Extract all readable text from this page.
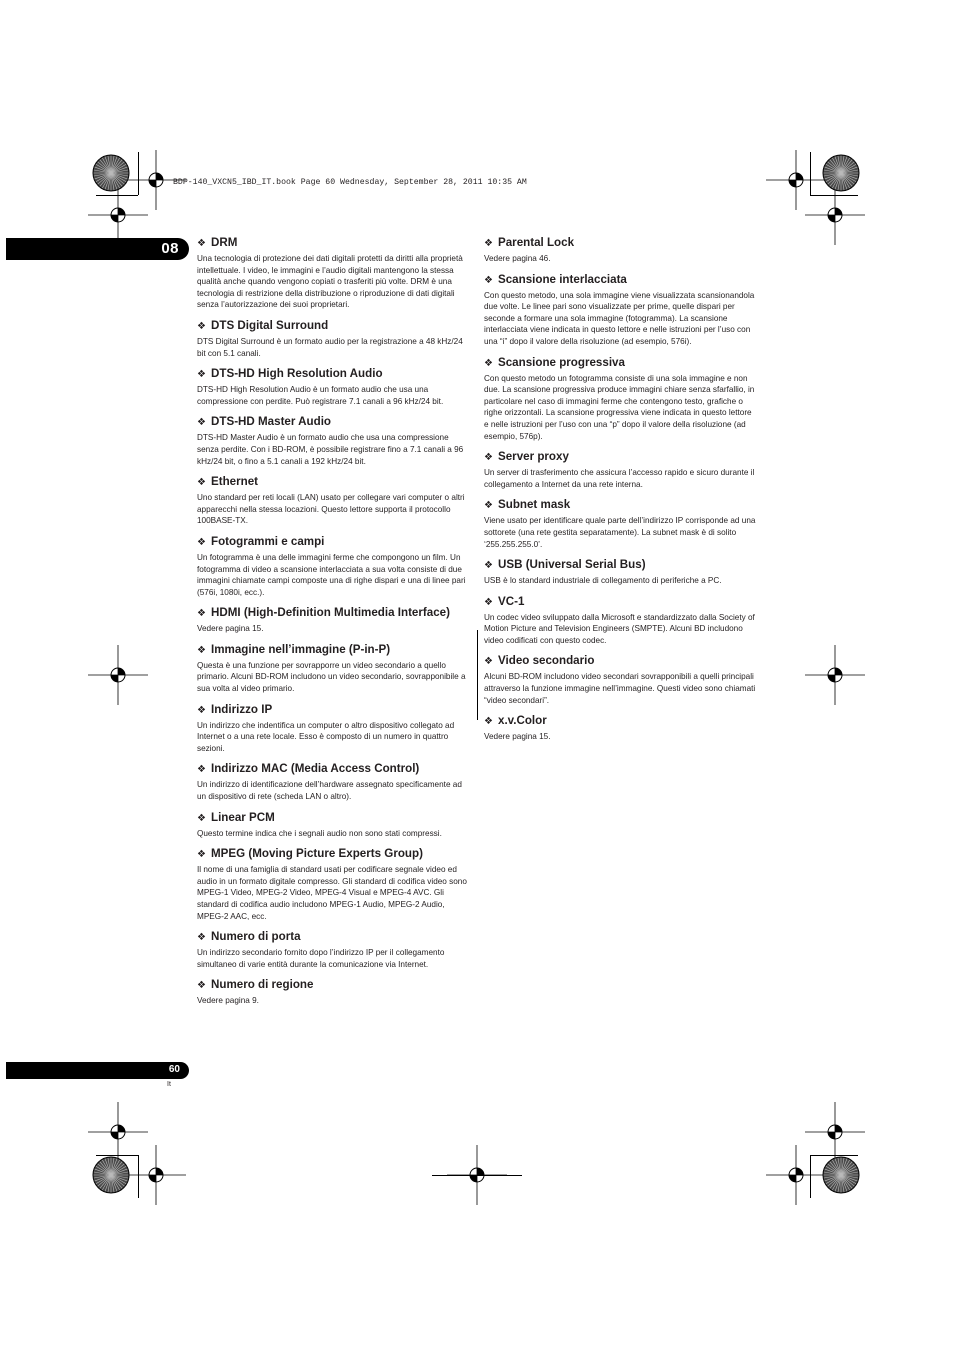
BDP-140_VXCN5_IBD_IT.book Page 60 Wednesday, September 28, 2011 10:35 AM
08 ❖ DRM

Una tecnologia di protezione dei dati digitali protetti da diritti alla proprietà intellettuale. I video, le immagini e l’audio digitali mantengono la stessa qualità anche quando vengono copiati o trasferiti più volte. DRM è una tecnologia di restrizione della distribuzione o riproduzione di dati digitali senza l’autorizzazione dei suoi proprietari.

❖ DTS Digital Surround

DTS Digital Surround è un formato audio per la registrazione a 48 kHz/24 bit con 5.1 canali.

❖ DTS-HD High Resolution Audio

DTS-HD High Resolution Audio è un formato audio che usa una compressione con perdite. Può registrare 7.1 canali a 96 kHz/24 bit.

❖ DTS-HD Master Audio

DTS-HD Master Audio è un formato audio che usa una compressione senza perdite. Con i BD-ROM, è possibile registrare fino a 7.1 canali a 96 kHz/24 bit, o fino a 5.1 canali a 192 kHz/24 bit.

❖ Ethernet

Uno standard per reti locali (LAN) usato per collegare vari computer o altri apparecchi nella stessa locazioni. Questo lettore supporta il protocollo 100BASE-TX.

❖ Fotogrammi e campi

Un fotogramma è una delle immagini ferme che compongono un film. Un fotogramma di video a scansione interlacciata a sua volta consiste di due immagini chiamate campi composte una di righe dispari e una di linee pari (576i, 1080i, ecc.).

❖ HDMI (High-Definition Multimedia Interface)

Vedere pagina 15.

❖ Immagine nell’immagine (P-in-P)

Questa è una funzione per sovrapporre un video secondario a quello primario. Alcuni BD-ROM includono un video secondario, sovrapponibile a sua volta al video primario.

❖ Indirizzo IP

Un indirizzo che indentifica un computer o altro dispositivo collegato ad Internet o a una rete locale. Esso è composto di un numero in quattro sezioni.

❖ Indirizzo MAC (Media Access Control)

Un indirizzo di identificazione dell’hardware assegnato specificamente ad un dispositivo di rete (scheda LAN o altro).

❖ Linear PCM

Questo termine indica che i segnali audio non sono stati compressi.

❖ MPEG (Moving Picture Experts Group)

Il nome di una famiglia di standard usati per codificare segnale video ed audio in un formato digitale compresso. Gli standard di codifica video sono MPEG-1 Video, MPEG-2 Video, MPEG-4 Visual e MPEG-4 AVC. Gli standard di codifica audio includono MPEG-1 Audio, MPEG-2 Audio, MPEG-2 AAC, ecc.

❖ Numero di porta

Un indirizzo secondario fornito dopo l’indirizzo IP per il collegamento simultaneo di varie entità durante la comunicazione via Internet.

❖ Numero di regione

Vedere pagina 9.

❖ Parental Lock

Vedere pagina 46.

❖ Scansione interlacciata

Con questo metodo, una sola immagine viene visualizzata scansionandola due volte. Le linee pari sono visualizzate per prime, quelle dispari per seconde a formare una sola immagine (fotogramma). La scansione interlacciata viene indicata in questo lettore e nelle istruzioni per l’uso con una “i” dopo il valore della risoluzione (ad esempio, 576i).

❖ Scansione progressiva

Con questo metodo un fotogramma consiste di una sola immagine e non due. La scansione progressiva produce immagini chiare senza sfarfallio, in particolare nel caso di immagini ferme che contengono testo, grafiche o righe orizzontali. La scansione progressiva viene indicata in questo lettore e nelle istruzioni per l’uso con una “p” dopo il valore della risoluzione (ad esempio, 576p).

❖ Server proxy

Un server di trasferimento che assicura l’accesso rapido e sicuro durante il collegamento a Internet da una rete interna.

❖ Subnet mask

Viene usato per identificare quale parte dell’indirizzo IP corrisponde ad una sottorete (una rete gestita separatamente). La subnet mask è di solito ‘255.255.255.0’.

❖ USB (Universal Serial Bus)

USB è lo standard industriale di collegamento di periferiche a PC.

❖ VC-1

Un codec video sviluppato dalla Microsoft e standardizzato dalla Society of Motion Picture and Television Engineers (SMPTE). Alcuni BD includono video codificati con questo codec.

❖ Video secondario

Alcuni BD-ROM includono video secondari sovrapponibili a quelli principali attraverso la funzione immagine nell’immagine. Questi video sono chiamati “video secondari”.

❖ x.v.Color

Vedere pagina 15.

60
It
